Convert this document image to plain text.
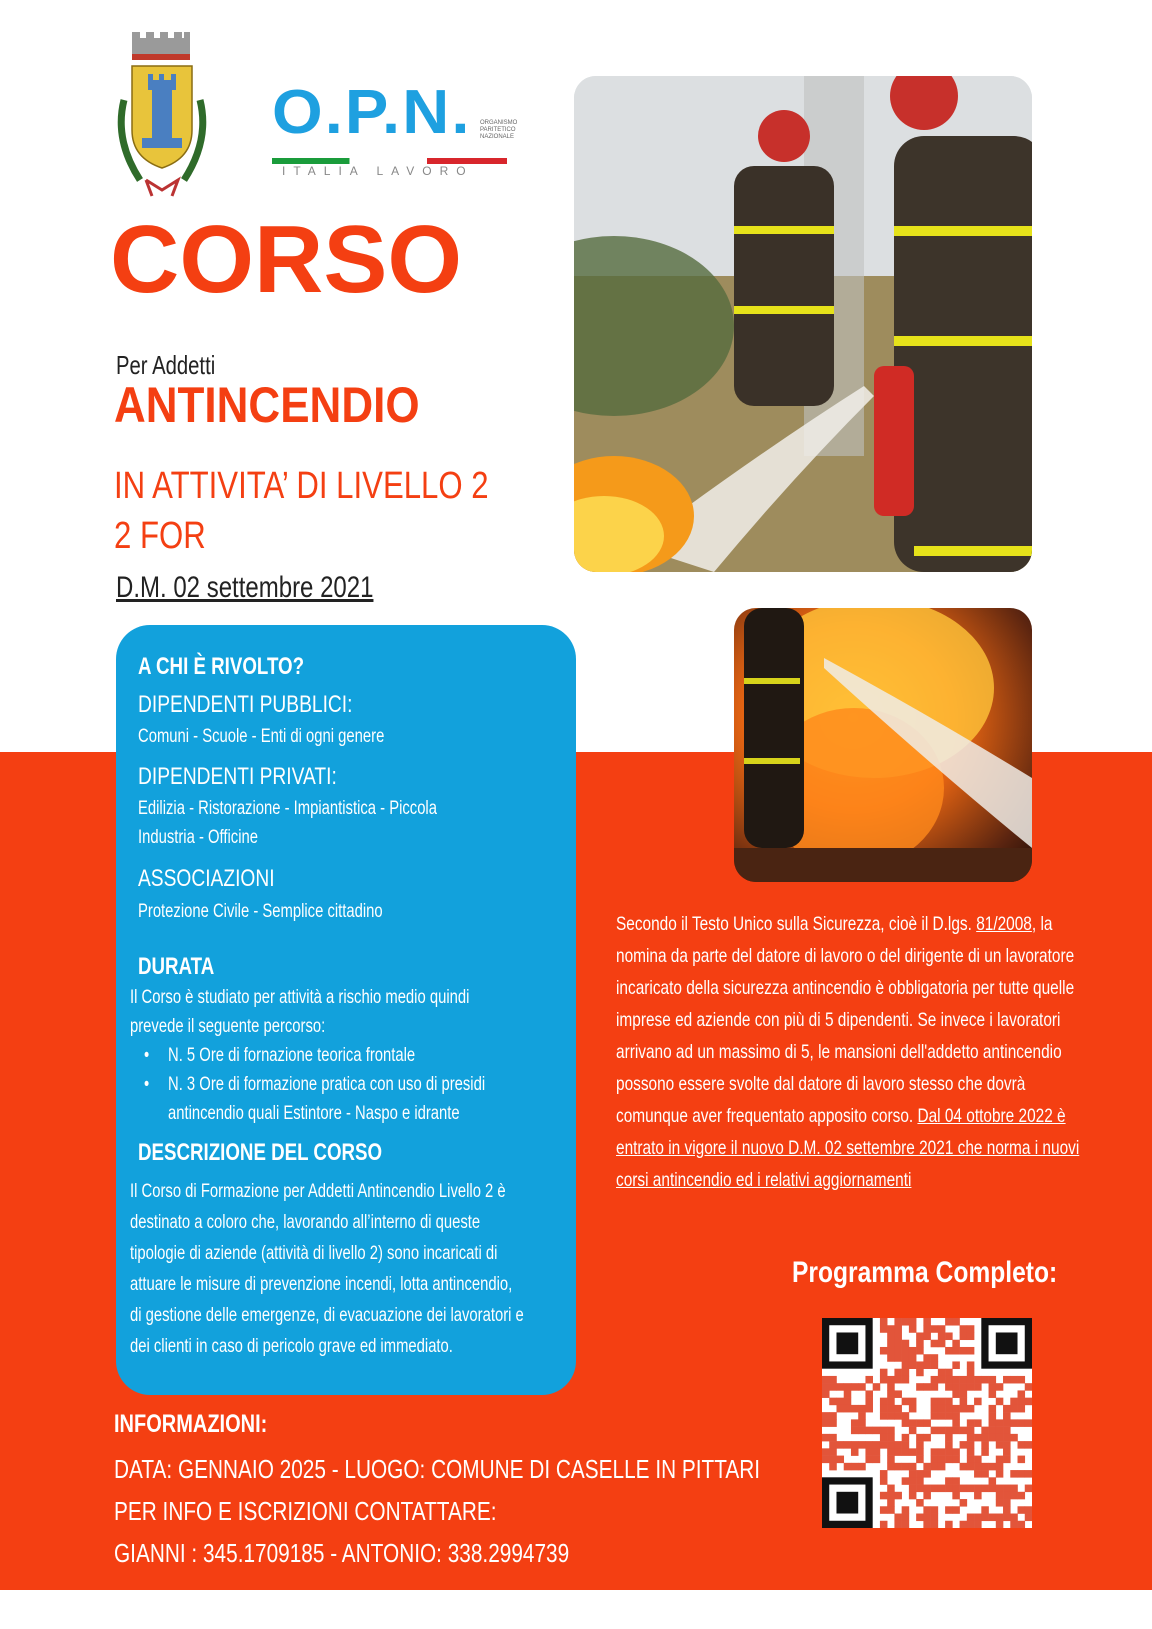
O.P.N. ORGANISMO PARITETICO NAZIONALE
ITALIA LAVORO
CORSO
Per Addetti
ANTINCENDIO
IN ATTIVITA’ DI LIVELLO 2
2 FOR
D.M. 02 settembre 2021
A CHI È RIVOLTO?
DIPENDENTI PUBBLICI:
Comuni - Scuole - Enti di ogni genere
DIPENDENTI PRIVATI:
Edilizia - Ristorazione - Impiantistica - Piccola
Industria - Officine
ASSOCIAZIONI
Protezione Civile - Semplice cittadino
DURATA
Il Corso è studiato per attività a rischio medio quindi
prevede il seguente percorso:
• N. 5 Ore di fornazione teorica frontale
• N. 3 Ore di formazione pratica con uso di presidi
antincendio quali Estintore - Naspo e idrante
DESCRIZIONE DEL CORSO
Il Corso di Formazione per Addetti Antincendio Livello 2 è
destinato a coloro che, lavorando all’interno di queste
tipologie di aziende (attività di livello 2) sono incaricati di
attuare le misure di prevenzione incendi, lotta antincendio,
di gestione delle emergenze, di evacuazione dei lavoratori e
dei clienti in caso di pericolo grave ed immediato.
Secondo il Testo Unico sulla Sicurezza, cioè il D.lgs. 81/2008, la nomina da parte del datore di lavoro o del dirigente di un lavoratore incaricato della sicurezza antincendio è obbligatoria per tutte quelle imprese ed aziende con più di 5 dipendenti. Se invece i lavoratori arrivano ad un massimo di 5, le mansioni dell'addetto antincendio possono essere svolte dal datore di lavoro stesso che dovrà comunque aver frequentato apposito corso. Dal 04 ottobre 2022 è entrato in vigore il nuovo D.M. 02 settembre 2021 che norma i nuovi corsi antincendio ed i relativi aggiornamenti
Programma Completo:
INFORMAZIONI:
DATA: GENNAIO 2025 - LUOGO: COMUNE DI CASELLE IN PITTARI
PER INFO E ISCRIZIONI CONTATTARE:
GIANNI : 345.1709185 - ANTONIO: 338.2994739
